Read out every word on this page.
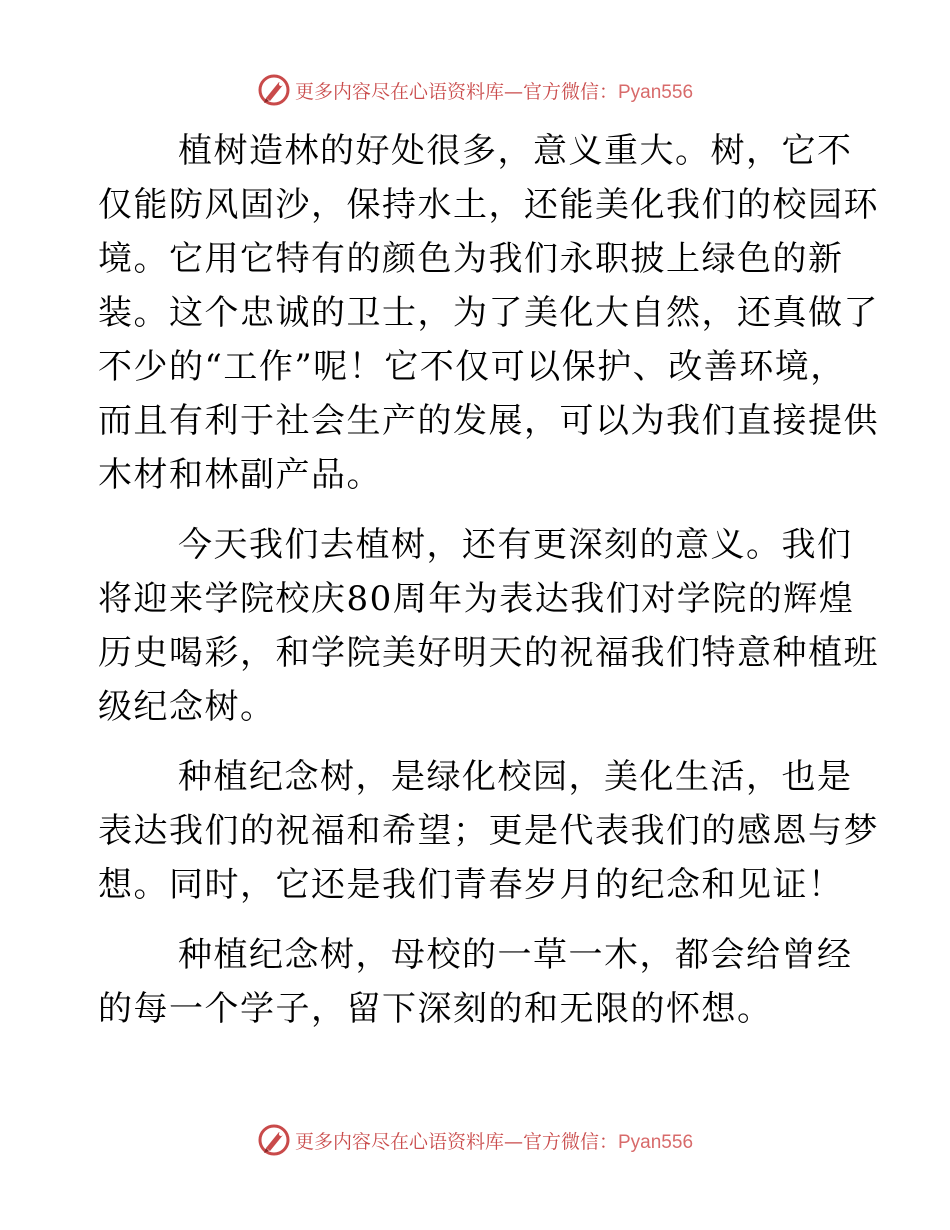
更多内容尽在心语资料库—官方微信：Pyan556
植树造林的好处很多，意义重大。树，它不
仅能防风固沙，保持水土，还能美化我们的校园环
境。它用它特有的颜色为我们永职披上绿色的新
装。这个忠诚的卫士，为了美化大自然，还真做了
不少的“工作”呢！它不仅可以保护、改善环境，
而且有利于社会生产的发展，可以为我们直接提供
木材和林副产品。
今天我们去植树，还有更深刻的意义。我们
将迎来学院校庆80周年为表达我们对学院的辉煌
历史喝彩，和学院美好明天的祝福我们特意种植班
级纪念树。
种植纪念树，是绿化校园，美化生活，也是
表达我们的祝福和希望；更是代表我们的感恩与梦
想。同时，它还是我们青春岁月的纪念和见证！
种植纪念树，母校的一草一木，都会给曾经
的每一个学子，留下深刻的和无限的怀想。
更多内容尽在心语资料库—官方微信：Pyan556
